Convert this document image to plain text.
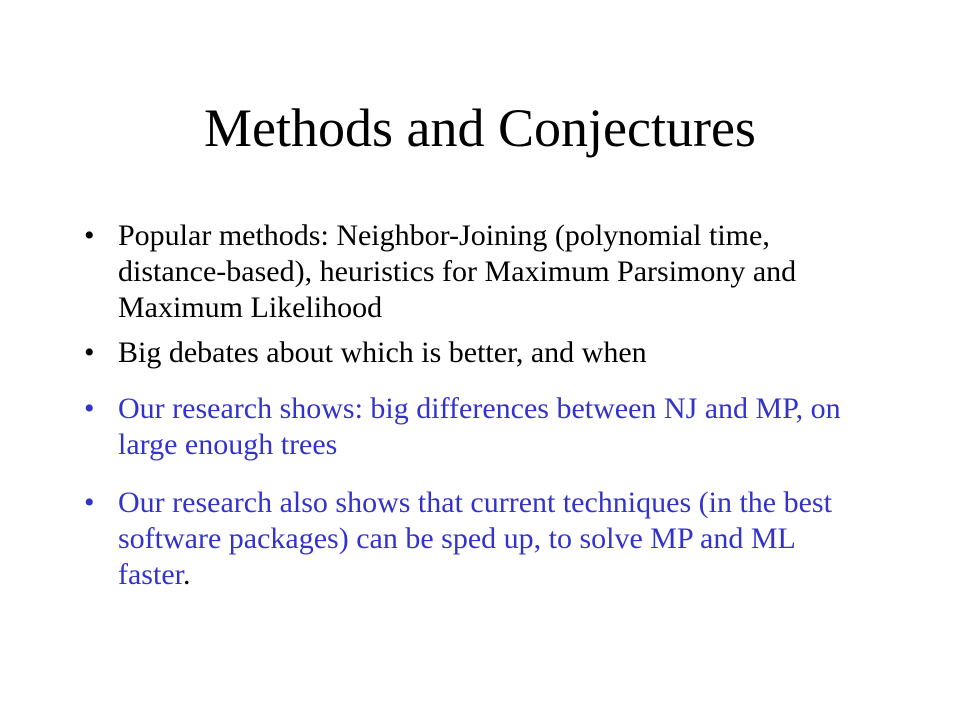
Methods and Conjectures
• Popular methods: Neighbor-Joining (polynomial time, distance-based), heuristics for Maximum Parsimony and Maximum Likelihood
• Big debates about which is better, and when
• Our research shows: big differences between NJ and MP, on large enough trees
• Our research also shows that current techniques (in the best software packages) can be sped up, to solve MP and ML faster.
